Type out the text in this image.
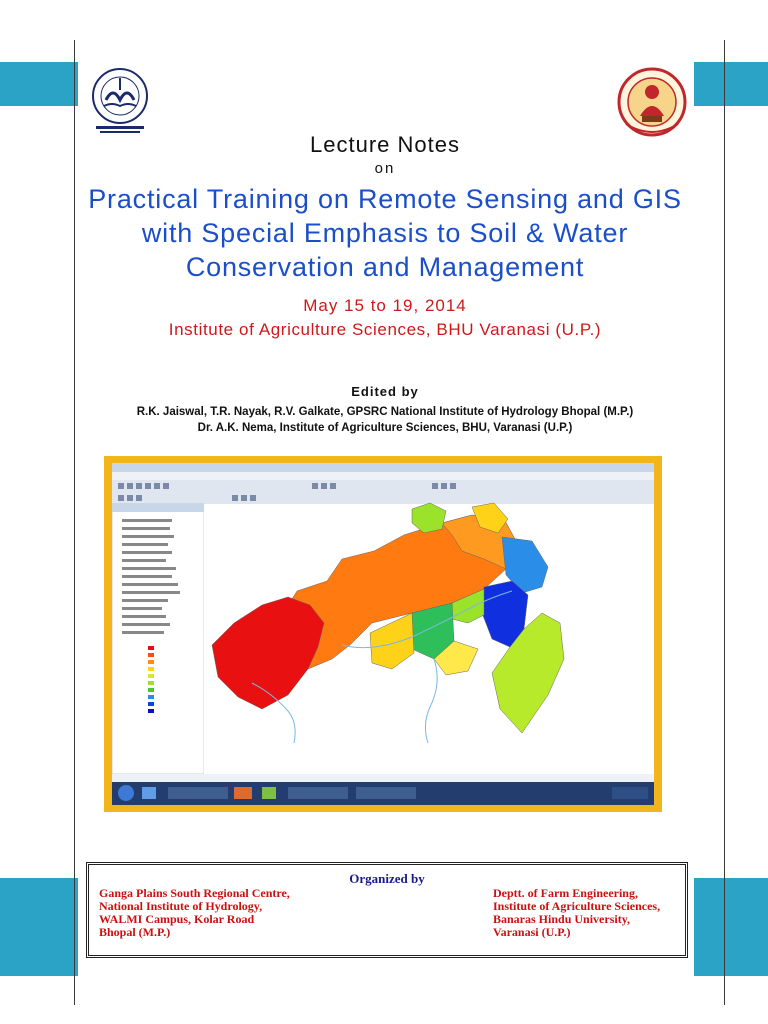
Lecture Notes
on
Practical Training on Remote Sensing and GIS
with Special Emphasis to Soil & Water
Conservation and Management
May 15 to 19, 2014
Institute of Agriculture Sciences, BHU Varanasi (U.P.)
Edited by
R.K. Jaiswal, T.R. Nayak, R.V. Galkate, GPSRC National Institute of Hydrology Bhopal (M.P.)
Dr. A.K. Nema, Institute of Agriculture Sciences, BHU, Varanasi (U.P.)
Organized by
Ganga Plains South Regional Centre,
National Institute of Hydrology,
WALMI Campus, Kolar Road
Bhopal (M.P.)
Deptt. of Farm Engineering,
Institute of Agriculture Sciences,
Banaras Hindu University,
Varanasi (U.P.)
